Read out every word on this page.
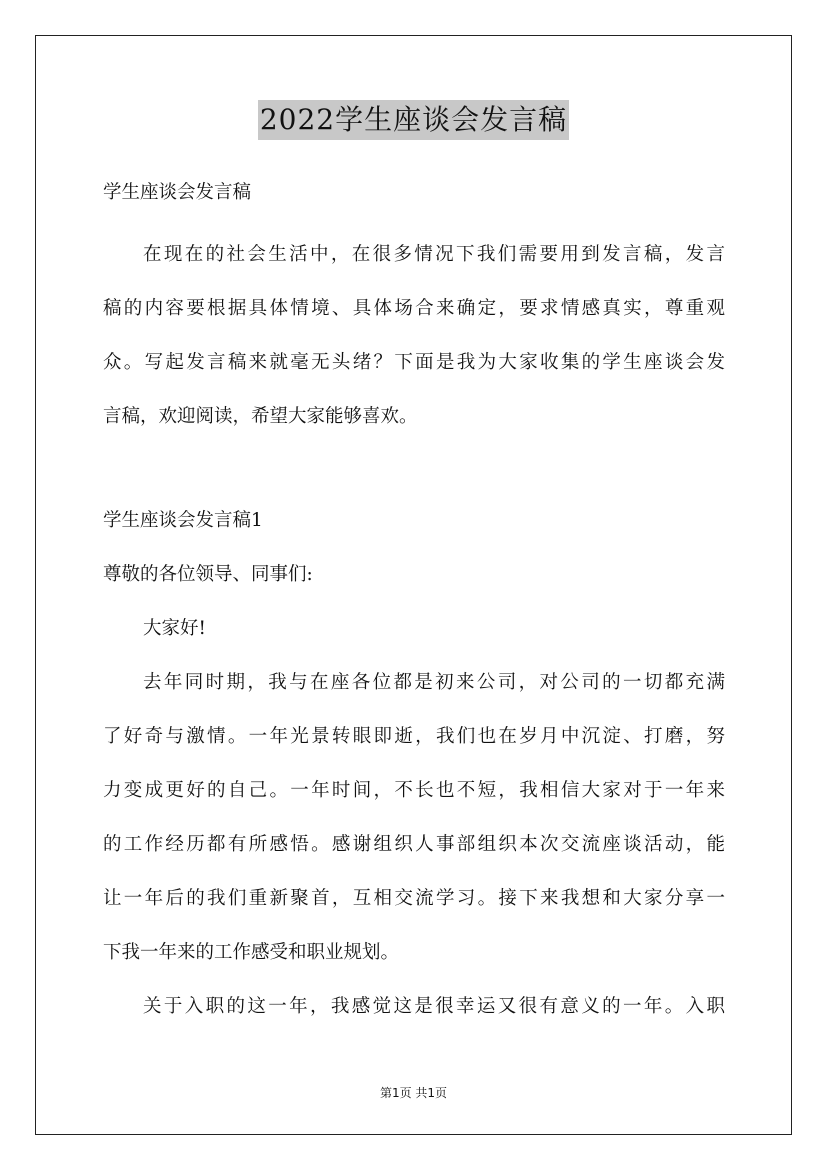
2022学生座谈会发言稿
学生座谈会发言稿
在现在的社会生活中，在很多情况下我们需要用到发言稿，发言
稿的内容要根据具体情境、具体场合来确定，要求情感真实，尊重观
众。写起发言稿来就毫无头绪？下面是我为大家收集的学生座谈会发
言稿，欢迎阅读，希望大家能够喜欢。
学生座谈会发言稿1
尊敬的各位领导、同事们:
大家好!
去年同时期，我与在座各位都是初来公司，对公司的一切都充满
了好奇与激情。一年光景转眼即逝，我们也在岁月中沉淀、打磨，努
力变成更好的自己。一年时间，不长也不短，我相信大家对于一年来
的工作经历都有所感悟。感谢组织人事部组织本次交流座谈活动，能
让一年后的我们重新聚首，互相交流学习。接下来我想和大家分享一
下我一年来的工作感受和职业规划。
关于入职的这一年，我感觉这是很幸运又很有意义的一年。入职
第1页 共1页
